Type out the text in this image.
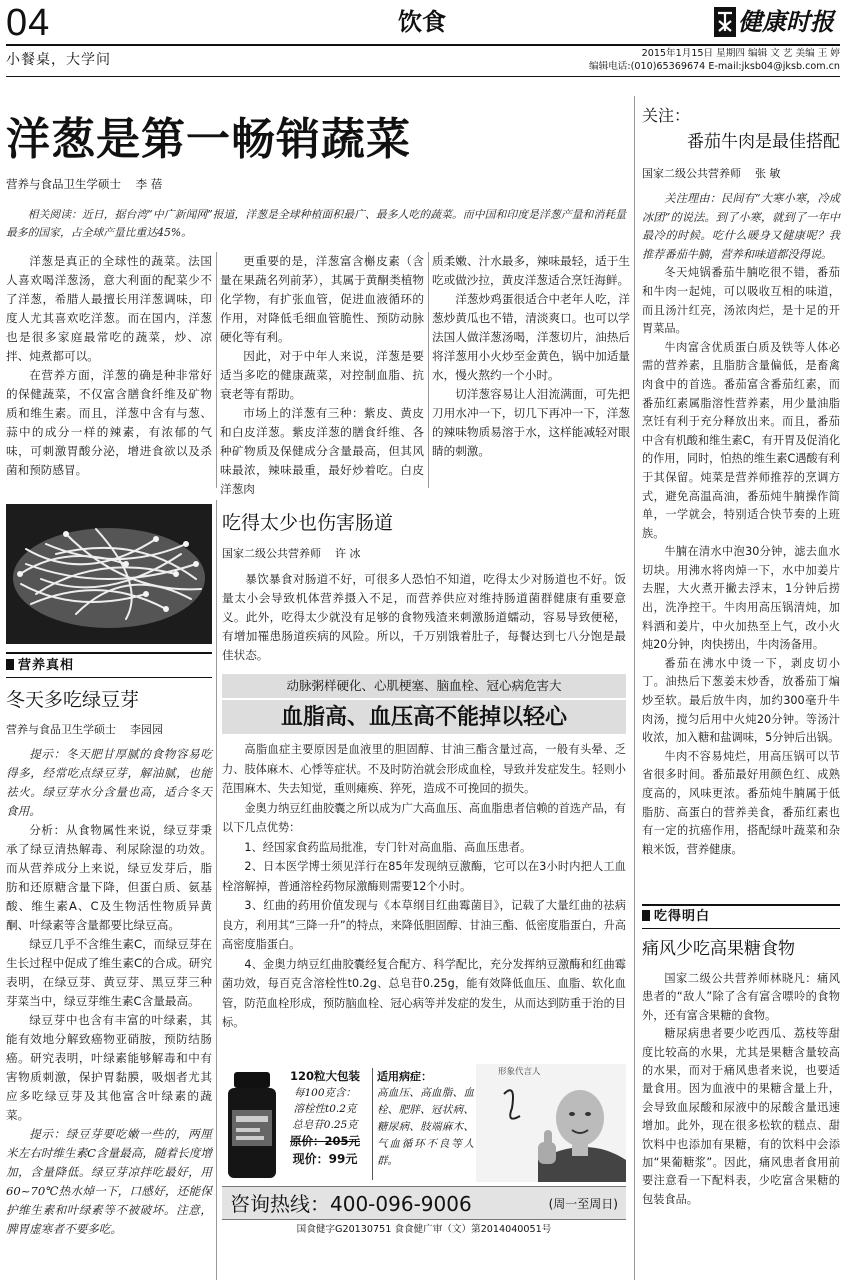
04	饮食	健康时报
小餐桌，大学问	2015年1月15日 星期四 编辑 文 艺 美编 王 婷
编辑电话:(010)65369674 E-mail:jksb04@jksb.com.cn
洋葱是第一畅销蔬菜
营养与食品卫生学硕士    李 蓓
相关阅读：近日，据台湾“中广新闻网”报道，洋葱是全球种植面积最广、最多人吃的蔬菜。而中国和印度是洋葱产量和消耗量最多的国家，占全球产量比重达45%。

洋葱是真正的全球性的蔬菜。法国人喜欢喝洋葱汤，意大利面的配菜少不了洋葱，希腊人最擅长用洋葱调味，印度人尤其喜欢吃洋葱。而在国内，洋葱也是很多家庭最常吃的蔬菜，炒、凉拌、炖煮都可以。

在营养方面，洋葱的确是种非常好的保健蔬菜，不仅富含膳食纤维及矿物质和维生素。而且，洋葱中含有与葱、蒜中的成分一样的辣素，有浓郁的气味，可刺激胃酸分泌，增进食欲以及杀菌和预防感冒。

更重要的是，洋葱富含槲皮素（含量在果蔬名列前茅），其属于黄酮类植物化学物，有扩张血管，促进血液循环的作用，对降低毛细血管脆性、预防动脉硬化等有利。

因此，对于中年人来说，洋葱是要适当多吃的健康蔬菜，对控制血脂、抗衰老等有帮助。

市场上的洋葱有三种：紫皮、黄皮和白皮洋葱。紫皮洋葱的膳食纤维、各种矿物质及保健成分含量最高，但其风味最浓，辣味最重，最好炒着吃。白皮洋葱肉

质柔嫩、汁水最多，辣味最轻，适于生吃或做沙拉，黄皮洋葱适合烹饪海鲜。

洋葱炒鸡蛋很适合中老年人吃，洋葱炒黄瓜也不错，清淡爽口。也可以学法国人做洋葱汤喝，洋葱切片，油热后将洋葱用小火炒至金黄色，锅中加适量水，慢火熬约一个小时。

切洋葱容易让人泪流满面，可先把刀用水冲一下，切几下再冲一下，洋葱的辣味物质易溶于水，这样能减轻对眼睛的刺激。

营养真相
冬天多吃绿豆芽
营养与食品卫生学硕士    李园园

提示：冬天肥甘厚腻的食物容易吃得多，经常吃点绿豆芽，解油腻，也能祛火。绿豆芽水分含量也高，适合冬天食用。

分析：从食物属性来说，绿豆芽秉承了绿豆清热解毒、利尿除湿的功效。而从营养成分上来说，绿豆发芽后，脂肪和还原糖含量下降，但蛋白质、氨基酸、维生素A、C及生物活性物质异黄酮、叶绿素等含量都要比绿豆高。

绿豆几乎不含维生素C，而绿豆芽在生长过程中促成了维生素C的合成。研究表明，在绿豆芽、黄豆芽、黑豆芽三种芽菜当中，绿豆芽维生素C含量最高。

绿豆芽中也含有丰富的叶绿素，其能有效地分解致癌物亚硝胺，预防结肠癌。研究表明，叶绿素能够解毒和中有害物质刺激，保护胃黏膜，吸烟者尤其应多吃绿豆芽及其他富含叶绿素的蔬菜。

提示：绿豆芽要吃嫩一些的，两厘米左右时维生素C含量最高，随着长度增加，含量降低。绿豆芽凉拌吃最好，用60~70℃热水焯一下，口感好，还能保护维生素和叶绿素等不被破坏。注意，脾胃虚寒者不要多吃。

吃得太少也伤害肠道
国家二级公共营养师    许 冰

暴饮暴食对肠道不好，可很多人恐怕不知道，吃得太少对肠道也不好。饭量太小会导致机体营养摄入不足，而营养供应对维持肠道菌群健康有重要意义。此外，吃得太少就没有足够的食物残渣来刺激肠道蠕动，容易导致便秘，有增加罹患肠道疾病的风险。所以，千万别饿着肚子，每餐达到七八分饱是最佳状态。

动脉粥样硬化、心肌梗塞、脑血栓、冠心病危害大
血脂高、血压高不能掉以轻心

高脂血症主要原因是血液里的胆固醇、甘油三酯含量过高，一般有头晕、乏力、肢体麻木、心悸等症状。不及时防治就会形成血栓，导致并发症发生。轻则小范围麻木、失去知觉，重则瘫痪、猝死，造成不可挽回的损失。

金奥力纳豆红曲胶囊之所以成为广大高血压、高血脂患者信赖的首选产品，有以下几点优势：

1、经国家食药监局批准，专门针对高血脂、高血压患者。

2、日本医学博士须见洋行在85年发现纳豆激酶，它可以在3小时内把人工血栓溶解掉，普通溶栓药物尿激酶则需要12个小时。

3、红曲的药用价值发现与《本草纲目红曲霉菌目》，记载了大量红曲的祛病良方，利用其“三降一升”的特点，来降低胆固醇、甘油三酯、低密度脂蛋白，升高高密度脂蛋白。

4、金奥力纳豆红曲胶囊经复合配方、科学配比，充分发挥纳豆激酶和红曲霉菌功效，每百克含溶栓性t0.2g、总皂苷0.25g，能有效降低血压、血脂、软化血管，防范血栓形成，预防脑血栓、冠心病等并发症的发生，从而达到防重于治的目标。

120粒大包装
每100克含：
溶栓性t0.2克
总皂苷0.25克
原价：205元
现价：99元
适用病症：
高血压、高血脂、血栓、肥胖、冠状病、糖尿病、肢端麻木、气血循环不良等人群。
形象代言人
咨询热线：400-096-9006	(周一至周日)
国食健字G20130751 食食健广审（文）第2014040051号
关注：
番茄牛肉是最佳搭配
国家二级公共营养师    张 敏

关注理由：民间有“大寒小寒，冷成冰团”的说法。到了小寒，就到了一年中最冷的时候。吃什么暖身又健康呢？我推荐番茄牛腩，营养和味道都没得说。

冬天炖锅番茄牛腩吃很不错，番茄和牛肉一起炖，可以吸收互相的味道，而且汤汁红亮，汤浓肉烂，是十足的开胃菜品。

牛肉富含优质蛋白质及铁等人体必需的营养素，且脂肪含量偏低，是畜禽肉食中的首选。番茄富含番茄红素，而番茄红素属脂溶性营养素，用少量油脂烹饪有利于充分释放出来。而且，番茄中含有机酸和维生素C，有开胃及促消化的作用，同时，怕热的维生素C遇酸有利于其保留。炖菜是营养师推荐的烹调方式，避免高温高油，番茄炖牛腩操作简单，一学就会，特别适合快节奏的上班族。

牛腩在清水中泡30分钟，滤去血水切块。用沸水将肉焯一下，水中加姜片去腥，大火煮开撇去浮末，1分钟后捞出，洗净控干。牛肉用高压锅清炖，加料酒和姜片，中火加热至上气，改小火炖20分钟，肉快捞出，牛肉汤备用。

番茄在沸水中烫一下，剥皮切小丁。油热后下葱姜末炒香，放番茄丁煸炒至软。最后放牛肉，加约300毫升牛肉汤，搅匀后用中火炖20分钟。等汤汁收浓，加入糖和盐调味，5分钟后出锅。

牛肉不容易炖烂，用高压锅可以节省很多时间。番茄最好用颜色红、成熟度高的，风味更浓。番茄炖牛腩属于低脂肪、高蛋白的营养美食，番茄红素也有一定的抗癌作用，搭配绿叶蔬菜和杂粮米饭，营养健康。

吃得明白
痛风少吃高果糖食物

国家二级公共营养师林晓凡：痛风患者的“敌人”除了含有富含嘌呤的食物外，还有富含果糖的食物。

糖尿病患者要少吃西瓜、荔枝等甜度比较高的水果，尤其是果糖含量较高的水果，而对于痛风患者来说，也要适量食用。因为血液中的果糖含量上升，会导致血尿酸和尿液中的尿酸含量迅速增加。此外，现在很多松软的糕点、甜饮料中也添加有果糖，有的饮料中会添加“果葡糖浆”。因此，痛风患者食用前要注意看一下配料表，少吃富含果糖的包装食品。
